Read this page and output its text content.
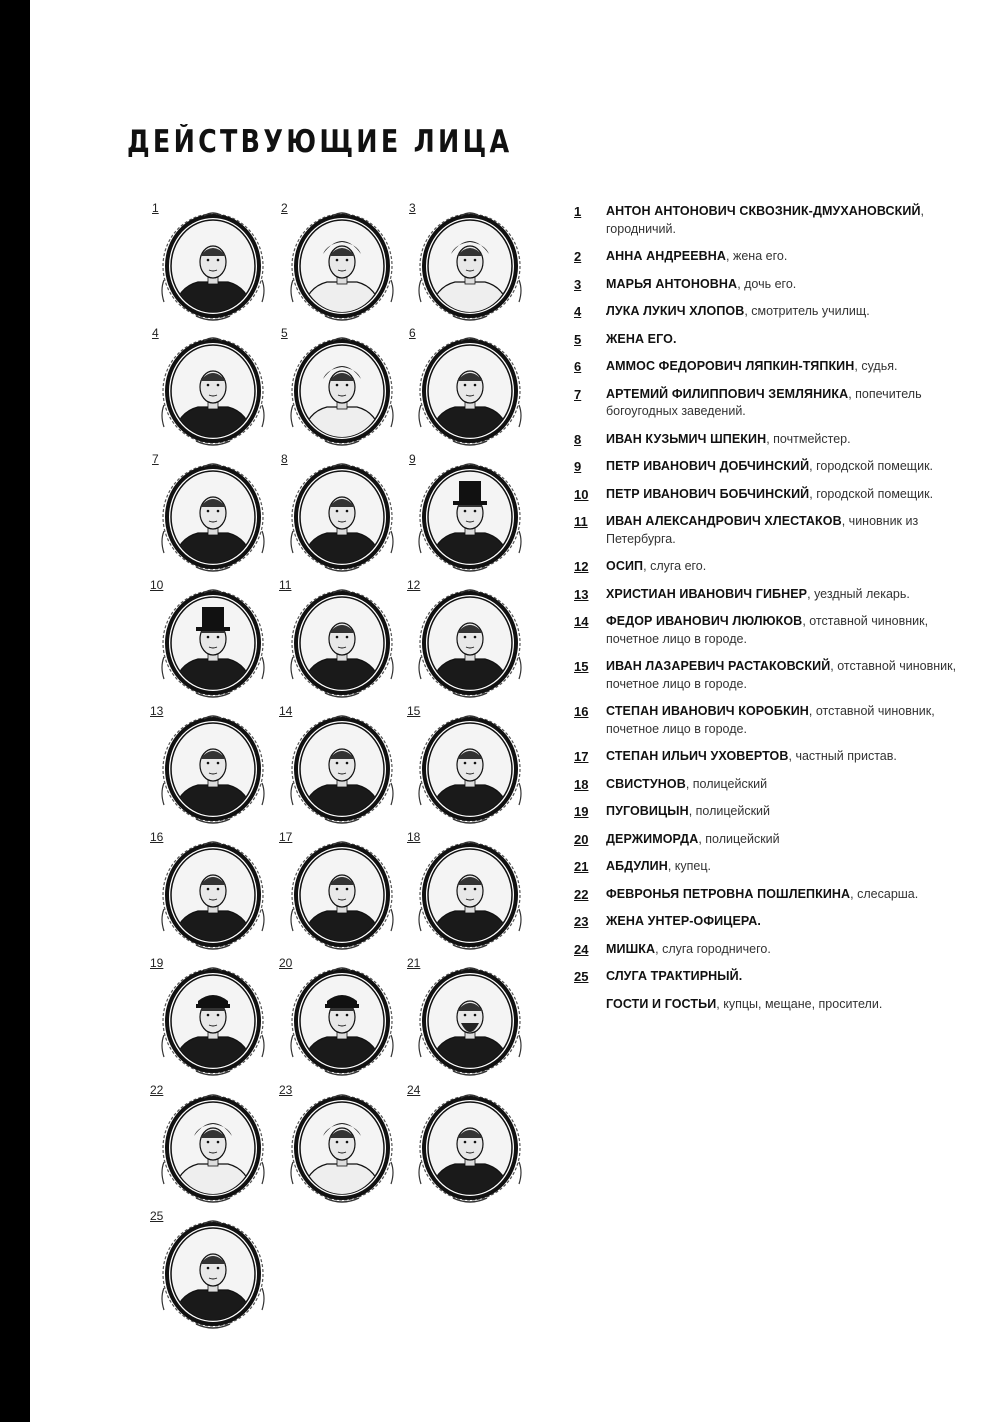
ДЕЙСТВУЮЩИЕ ЛИЦА
1	2	3
4	5	6
7	8	9
10	11	12
13	14	15
16	17	18
19	20	21
22	23	24
25
1 АНТОН АНТОНОВИЧ СКВОЗНИК-ДМУХАНОВСКИЙ, городничий.
2 АННА АНДРЕЕВНА, жена его.
3 МАРЬЯ АНТОНОВНА, дочь его.
4 ЛУКА ЛУКИЧ ХЛОПОВ, смотритель училищ.
5 ЖЕНА ЕГО.
6 АММОС ФЕДОРОВИЧ ЛЯПКИН-ТЯПКИН, судья.
7 АРТЕМИЙ ФИЛИППОВИЧ ЗЕМЛЯНИКА, попечитель богоугодных заведений.
8 ИВАН КУЗЬМИЧ ШПЕКИН, почтмейстер.
9 ПЕТР ИВАНОВИЧ ДОБЧИНСКИЙ, городской помещик.
10 ПЕТР ИВАНОВИЧ БОБЧИНСКИЙ, городской помещик.
11 ИВАН АЛЕКСАНДРОВИЧ ХЛЕСТАКОВ, чиновник из Петербурга.
12 ОСИП, слуга его.
13 ХРИСТИАН ИВАНОВИЧ ГИБНЕР, уездный лекарь.
14 ФЕДОР ИВАНОВИЧ ЛЮЛЮКОВ, отставной чиновник, почетное лицо в городе.
15 ИВАН ЛАЗАРЕВИЧ РАСТАКОВСКИЙ, отставной чиновник, почетное лицо в городе.
16 СТЕПАН ИВАНОВИЧ КОРОБКИН, отставной чиновник, почетное лицо в городе.
17 СТЕПАН ИЛЬИЧ УХОВЕРТОВ, частный пристав.
18 СВИСТУНОВ, полицейский
19 ПУГОВИЦЫН, полицейский
20 ДЕРЖИМОРДА, полицейский
21 АБДУЛИН, купец.
22 ФЕВРОНЬЯ ПЕТРОВНА ПОШЛЕПКИНА, слесарша.
23 ЖЕНА УНТЕР-ОФИЦЕРА.
24 МИШКА, слуга городничего.
25 СЛУГА ТРАКТИРНЫЙ.
ГОСТИ И ГОСТЬИ, купцы, мещане, просители.
